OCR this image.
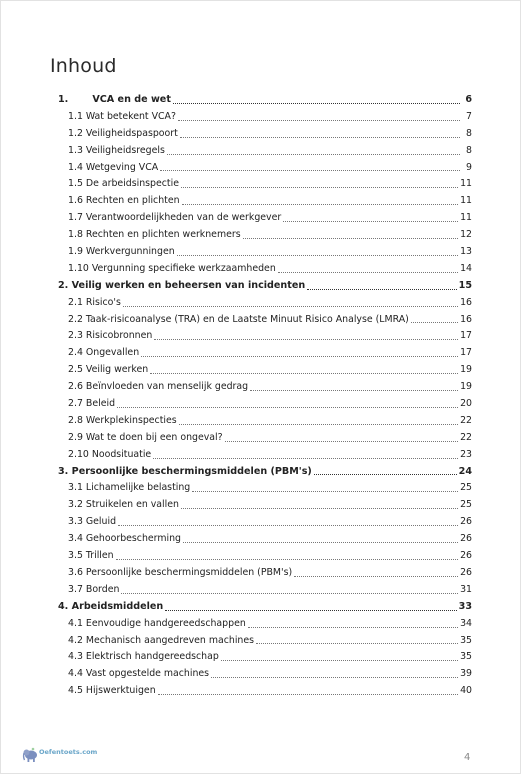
Inhoud
1.	VCA en de wet	6
1.1 Wat betekent VCA?	7
1.2 Veiligheidspaspoort	8
1.3 Veiligheidsregels	8
1.4 Wetgeving VCA	9
1.5 De arbeidsinspectie	11
1.6 Rechten en plichten	11
1.7 Verantwoordelijkheden van de werkgever	11
1.8 Rechten en plichten werknemers	12
1.9 Werkvergunningen	13
1.10 Vergunning specifieke werkzaamheden	14
2. Veilig werken en beheersen van incidenten	15
2.1 Risico's	16
2.2 Taak-risicoanalyse (TRA) en de Laatste Minuut Risico Analyse (LMRA)	16
2.3 Risicobronnen	17
2.4 Ongevallen	17
2.5 Veilig werken	19
2.6 Beïnvloeden van menselijk gedrag	19
2.7 Beleid	20
2.8 Werkplekinspecties	22
2.9 Wat te doen bij een ongeval?	22
2.10 Noodsituatie	23
3. Persoonlijke beschermingsmiddelen (PBM's)	24
3.1 Lichamelijke belasting	25
3.2 Struikelen en vallen	25
3.3 Geluid	26
3.4 Gehoorbescherming	26
3.5 Trillen	26
3.6 Persoonlijke beschermingsmiddelen (PBM's)	26
3.7 Borden	31
4. Arbeidsmiddelen	33
4.1 Eenvoudige handgereedschappen	34
4.2 Mechanisch aangedreven machines	35
4.3 Elektrisch handgereedschap	35
4.4 Vast opgestelde machines	39
4.5 Hijswerktuigen	40
Oefentoets.com	4
